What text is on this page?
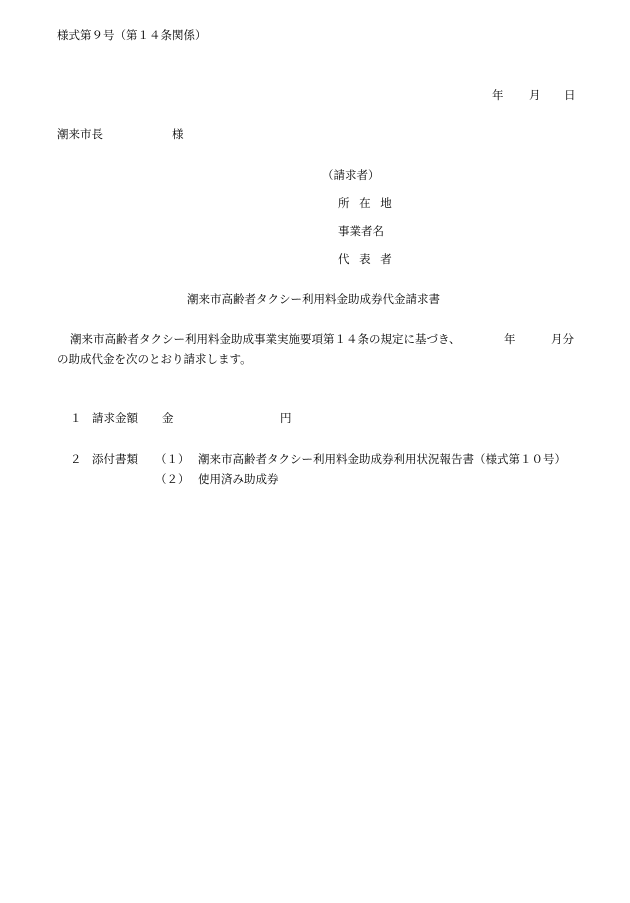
様式第９号（第１４条関係）
年 月 日
潮来市長	様
（請求者）
所 在 地
事業者名
代 表 者
潮来市高齢者タクシー利用料金助成券代金請求書
潮来市高齢者タクシー利用料金助成事業実施要項第１４条の規定に基づき、	年	月分
の助成代金を次のとおり請求します。
１ 請求金額 金	円
２ 添付書類 （１） 潮来市高齢者タクシー利用料金助成券利用状況報告書（様式第１０号）
（２） 使用済み助成券
